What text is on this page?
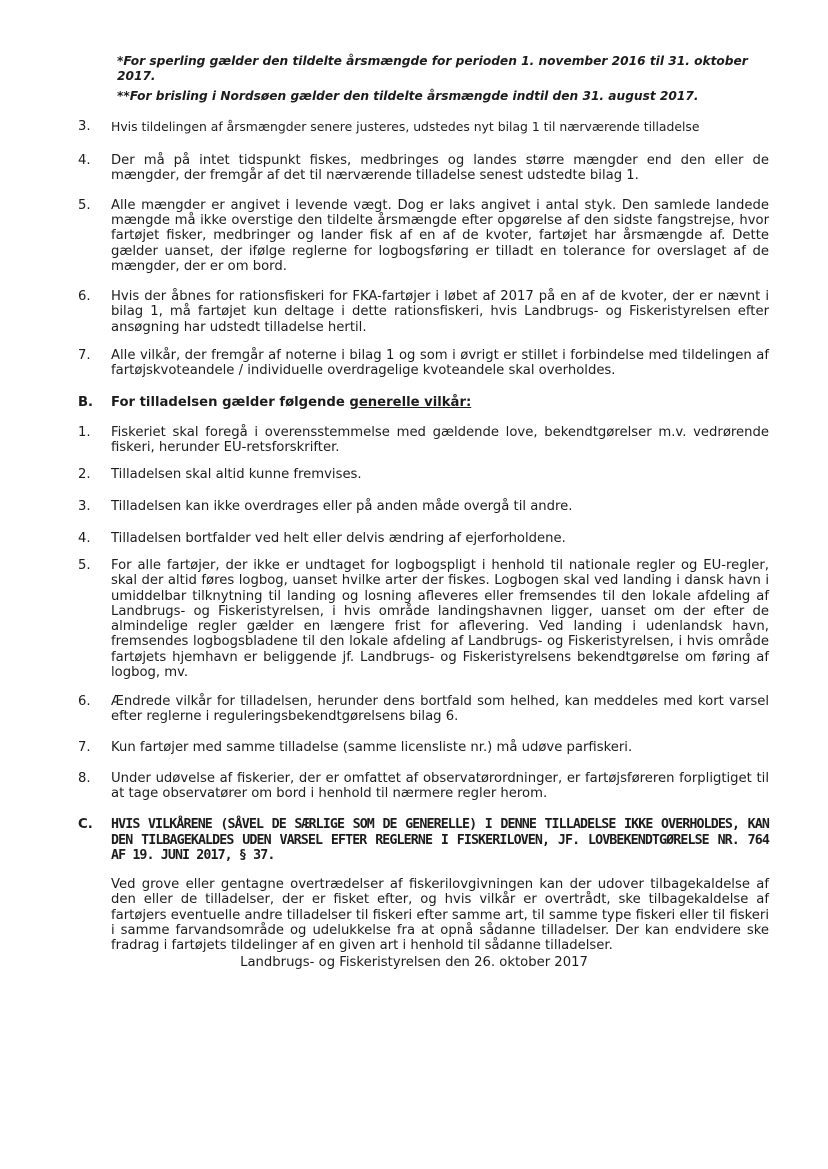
*For sperling gælder den tildelte årsmængde for perioden 1. november 2016 til 31. oktober 2017.
**For brisling i Nordsøen gælder den tildelte årsmængde indtil den 31. august 2017.
3.	Hvis tildelingen af årsmængder senere justeres, udstedes nyt bilag 1 til nærværende tilladelse
4.	Der må på intet tidspunkt fiskes, medbringes og landes større mængder end den eller de mængder, der fremgår af det til nærværende tilladelse senest udstedte bilag 1.
5.	Alle mængder er angivet i levende vægt. Dog er laks angivet i antal styk. Den samlede landede mængde må ikke overstige den tildelte årsmængde efter opgørelse af den sidste fangstrejse, hvor fartøjet fisker, medbringer og lander fisk af en af de kvoter, fartøjet har årsmængde af. Dette gælder uanset, der ifølge reglerne for logbogsføring er tilladt en tolerance for overslaget af de mængder, der er om bord.
6.	Hvis der åbnes for rationsfiskeri for FKA-fartøjer i løbet af 2017 på en af de kvoter, der er nævnt i bilag 1, må fartøjet kun deltage i dette rationsfiskeri, hvis Landbrugs- og Fiskeristyrelsen efter ansøgning har udstedt tilladelse hertil.
7.	Alle vilkår, der fremgår af noterne i bilag 1 og som i øvrigt er stillet i forbindelse med tildelingen af fartøjskvoteandele / individuelle overdragelige kvoteandele skal overholdes.
B.	For tilladelsen gælder følgende generelle vilkår:
1.	Fiskeriet skal foregå i overensstemmelse med gældende love, bekendtgørelser m.v. vedrørende fiskeri, herunder EU-retsforskrifter.
2.	Tilladelsen skal altid kunne fremvises.
3.	Tilladelsen kan ikke overdrages eller på anden måde overgå til andre.
4.	Tilladelsen bortfalder ved helt eller delvis ændring af ejerforholdene.
5.	For alle fartøjer, der ikke er undtaget for logbogspligt i henhold til nationale regler og EU-regler, skal der altid føres logbog, uanset hvilke arter der fiskes. Logbogen skal ved landing i dansk havn i umiddelbar tilknytning til landing og losning afleveres eller fremsendes til den lokale afdeling af Landbrugs- og Fiskeristyrelsen, i hvis område landingshavnen ligger, uanset om der efter de almindelige regler gælder en længere frist for aflevering. Ved landing i udenlandsk havn, fremsendes logbogsbladene til den lokale afdeling af Landbrugs- og Fiskeristyrelsen, i hvis område fartøjets hjemhavn er beliggende jf. Landbrugs- og Fiskeristyrelsens bekendtgørelse om føring af logbog, mv.
6.	Ændrede vilkår for tilladelsen, herunder dens bortfald som helhed, kan meddeles med kort varsel efter reglerne i reguleringsbekendtgørelsens bilag 6.
7.	Kun fartøjer med samme tilladelse (samme licensliste nr.) må udøve parfiskeri.
8.	Under udøvelse af fiskerier, der er omfattet af observatørordninger, er fartøjsføreren forpligtiget til at tage observatører om bord i henhold til nærmere regler herom.
C.	HVIS VILKÅRENE (SÅVEL DE SÆRLIGE SOM DE GENERELLE) I DENNE TILLADELSE IKKE OVERHOLDES, KAN DEN TILBAGEKALDES UDEN VARSEL EFTER REGLERNE I FISKERILOVEN, JF. LOVBEKENDTGØRELSE NR. 764 AF 19. JUNI 2017, § 37.
Ved grove eller gentagne overtrædelser af fiskerilovgivningen kan der udover tilbagekaldelse af den eller de tilladelser, der er fisket efter, og hvis vilkår er overtrådt, ske tilbagekaldelse af fartøjers eventuelle andre tilladelser til fiskeri efter samme art, til samme type fiskeri eller til fiskeri i samme farvandsområde og udelukkelse fra at opnå sådanne tilladelser. Der kan endvidere ske fradrag i fartøjets tildelinger af en given art i henhold til sådanne tilladelser.
Landbrugs- og Fiskeristyrelsen den 26. oktober 2017
